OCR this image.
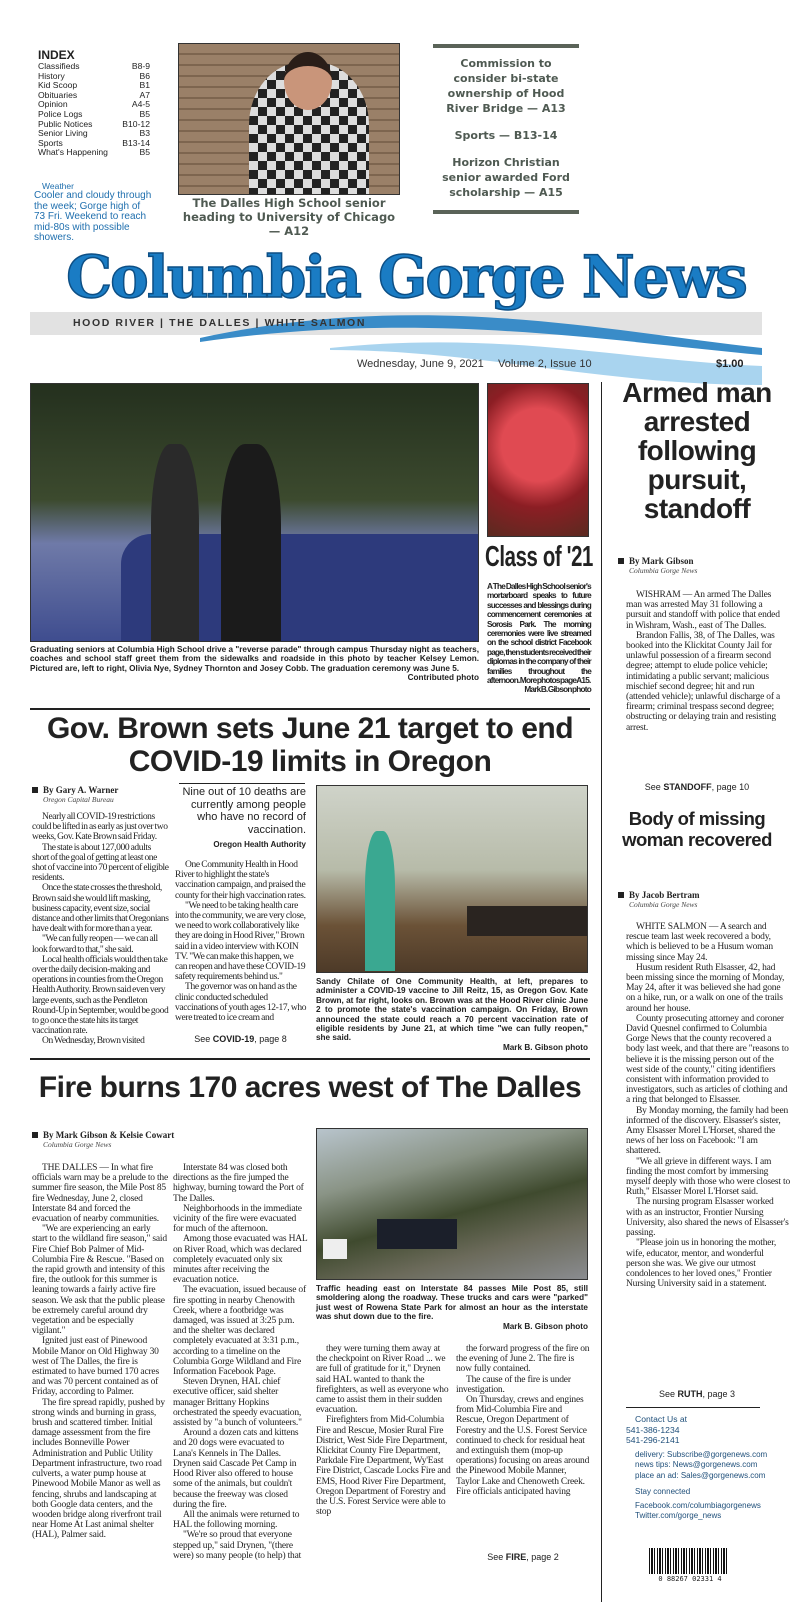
INDEX
Classifieds	B8-9
History	B6
Kid Scoop	B1
Obituaries	A7
Opinion	A4-5
Police Logs	B5
Public Notices	B10-12
Senior Living	B3
Sports	B13-14
What's Happening	B5
Weather
Cooler and cloudy through the week; Gorge high of 73 Fri. Weekend to reach mid-80s with possible showers.
The Dalles High School senior heading to University of Chicago — A12
Commission to consider bi-state ownership of Hood River Bridge — A13
Sports — B13-14
Horizon Christian senior awarded Ford scholarship — A15
Columbia Gorge News
HOOD RIVER | THE DALLES | WHITE SALMON
Wednesday, June 9, 2021 Volume 2, Issue 10	$1.00
Graduating seniors at Columbia High School drive a "reverse parade" through campus Thursday night as teachers, coaches and school staff greet them from the sidewalks and roadside in this photo by teacher Kelsey Lemon. Pictured are, left to right, Olivia Nye, Sydney Thornton and Josey Cobb. The graduation ceremony was June 5.
Contributed photo
Class of '21
A The Dalles High School senior's mortarboard speaks to future successes and blessings during commencement ceremonies at Sorosis Park. The morning ceremonies were live streamed on the school district Facebook page, then students received their diplomas in the company of their families throughout the afternoon. More photos page A15.
Mark B. Gibson photo
Armed man arrested following pursuit, standoff
By Mark Gibson
Columbia Gorge News

WISHRAM — An armed The Dalles man was arrested May 31 following a pursuit and standoff with police that ended in Wishram, Wash., east of The Dalles.

Brandon Fallis, 38, of The Dalles, was booked into the Klickitat County Jail for unlawful possession of a firearm second degree; attempt to elude police vehicle; intimidating a public servant; malicious mischief second degree; hit and run (attended vehicle); unlawful discharge of a firearm; criminal trespass second degree; obstructing or delaying train and resisting arrest.

See STANDOFF, page 10
Body of missing woman recovered
By Jacob Bertram
Columbia Gorge News

WHITE SALMON — A search and rescue team last week recovered a body, which is believed to be a Husum woman missing since May 24.

Husum resident Ruth Elsasser, 42, had been missing since the morning of Monday, May 24, after it was believed she had gone on a hike, run, or a walk on one of the trails around her house.

County prosecuting attorney and coroner David Quesnel confirmed to Columbia Gorge News that the county recovered a body last week, and that there are "reasons to believe it is the missing person out of the west side of the county," citing identifiers consistent with information provided to investigators, such as articles of clothing and a ring that belonged to Elsasser.

By Monday morning, the family had been informed of the discovery. Elsasser's sister, Amy Elsasser Morel L'Horset, shared the news of her loss on Facebook: "I am shattered.

"We all grieve in different ways. I am finding the most comfort by immersing myself deeply with those who were closest to Ruth," Elsasser Morel L'Horset said.

The nursing program Elsasser worked with as an instructor, Frontier Nursing University, also shared the news of Elsasser's passing.

"Please join us in honoring the mother, wife, educator, mentor, and wonderful person she was. We give our utmost condolences to her loved ones," Frontier Nursing University said in a statement.

See RUTH, page 3
Contact Us at
541-386-1234
541-296-2141
delivery: Subscribe@gorgenews.com
news tips: News@gorgenews.com
place an ad: Sales@gorgenews.com
Stay connected
Facebook.com/columbiagorgenews
Twitter.com/gorge_news
0 88267 02331 4
Gov. Brown sets June 21 target to end COVID-19 limits in Oregon
By Gary A. Warner
Oregon Capital Bureau

Nearly all COVID-19 restrictions could be lifted in as early as just over two weeks, Gov. Kate Brown said Friday.

The state is about 127,000 adults short of the goal of getting at least one shot of vaccine into 70 percent of eligible residents.

Once the state crosses the threshold, Brown said she would lift masking, business capacity, event size, social distance and other limits that Oregonians have dealt with for more than a year.

"We can fully reopen — we can all look forward to that," she said.

Local health officials would then take over the daily decision-making and operations in counties from the Oregon Health Authority. Brown said even very large events, such as the Pendleton Round-Up in September, would be good to go once the state hits its target vaccination rate.

On Wednesday, Brown visited

Nine out of 10 deaths are currently among people who have no record of vaccination.
Oregon Health Authority

One Community Health in Hood River to highlight the state's vaccination campaign, and praised the county for their high vaccination rates.

"We need to be taking health care into the community, we are very close, we need to work collaboratively like they are doing in Hood River," Brown said in a video interview with KOIN TV. "We can make this happen, we can reopen and have these COVID-19 safety requirements behind us."

The governor was on hand as the clinic conducted scheduled vaccinations of youth ages 12-17, who were treated to ice cream and

See COVID-19, page 8
Sandy Chilate of One Community Health, at left, prepares to administer a COVID-19 vaccine to Jill Reitz, 15, as Oregon Gov. Kate Brown, at far right, looks on. Brown was at the Hood River clinic June 2 to promote the state's vaccination campaign. On Friday, Brown announced the state could reach a 70 percent vaccination rate of eligible residents by June 21, at which time "we can fully reopen," she said.
Mark B. Gibson photo
Fire burns 170 acres west of The Dalles
By Mark Gibson & Kelsie Cowart
Columbia Gorge News

THE DALLES — In what fire officials warn may be a prelude to the summer fire season, the Mile Post 85 fire Wednesday, June 2, closed Interstate 84 and forced the evacuation of nearby communities.

"We are experiencing an early start to the wildland fire season," said Fire Chief Bob Palmer of Mid-Columbia Fire & Rescue. "Based on the rapid growth and intensity of this fire, the outlook for this summer is leaning towards a fairly active fire season. We ask that the public please be extremely careful around dry vegetation and be especially vigilant."

Ignited just east of Pinewood Mobile Manor on Old Highway 30 west of The Dalles, the fire is estimated to have burned 170 acres and was 70 percent contained as of Friday, according to Palmer.

The fire spread rapidly, pushed by strong winds and burning in grass, brush and scattered timber. Initial damage assessment from the fire includes Bonneville Power Administration and Public Utility Department infrastructure, two road culverts, a water pump house at Pinewood Mobile Manor as well as fencing, shrubs and landscaping at both Google data centers, and the wooden bridge along riverfront trail near Home At Last animal shelter (HAL), Palmer said.

Interstate 84 was closed both directions as the fire jumped the highway, burning toward the Port of The Dalles.

Neighborhoods in the immediate vicinity of the fire were evacuated for much of the afternoon.

Among those evacuated was HAL on River Road, which was declared completely evacuated only six minutes after receiving the evacuation notice.

The evacuation, issued because of fire spotting in nearby Chenowith Creek, where a footbridge was damaged, was issued at 3:25 p.m. and the shelter was declared completely evacuated at 3:31 p.m., according to a timeline on the Columbia Gorge Wildland and Fire Information Facebook Page.

Steven Drynen, HAL chief executive officer, said shelter manager Brittany Hopkins orchestrated the speedy evacuation, assisted by "a bunch of volunteers."

Around a dozen cats and kittens and 20 dogs were evacuated to Lana's Kennels in The Dalles. Drynen said Cascade Pet Camp in Hood River also offered to house some of the animals, but couldn't because the freeway was closed during the fire.

All the animals were returned to HAL the following morning.

"We're so proud that everyone stepped up," said Drynen, "(there were) so many people (to help) that

Traffic heading east on Interstate 84 passes Mile Post 85, still smoldering along the roadway. These trucks and cars were "parked" just west of Rowena State Park for almost an hour as the interstate was shut down due to the fire.
Mark B. Gibson photo

they were turning them away at the checkpoint on River Road ... we are full of gratitude for it," Drynen said HAL wanted to thank the firefighters, as well as everyone who came to assist them in their sudden evacuation.

Firefighters from Mid-Columbia Fire and Rescue, Mosier Rural Fire District, West Side Fire Department, Klickitat County Fire Department, Parkdale Fire Department, Wy'East Fire District, Cascade Locks Fire and EMS, Hood River Fire Department, Oregon Department of Forestry and the U.S. Forest Service were able to stop

the forward progress of the fire on the evening of June 2. The fire is now fully contained.

The cause of the fire is under investigation.

On Thursday, crews and engines from Mid-Columbia Fire and Rescue, Oregon Department of Forestry and the U.S. Forest Service continued to check for residual heat and extinguish them (mop-up operations) focusing on areas around the Pinewood Mobile Manner, Taylor Lake and Chenoweth Creek. Fire officials anticipated having

See FIRE, page 2
